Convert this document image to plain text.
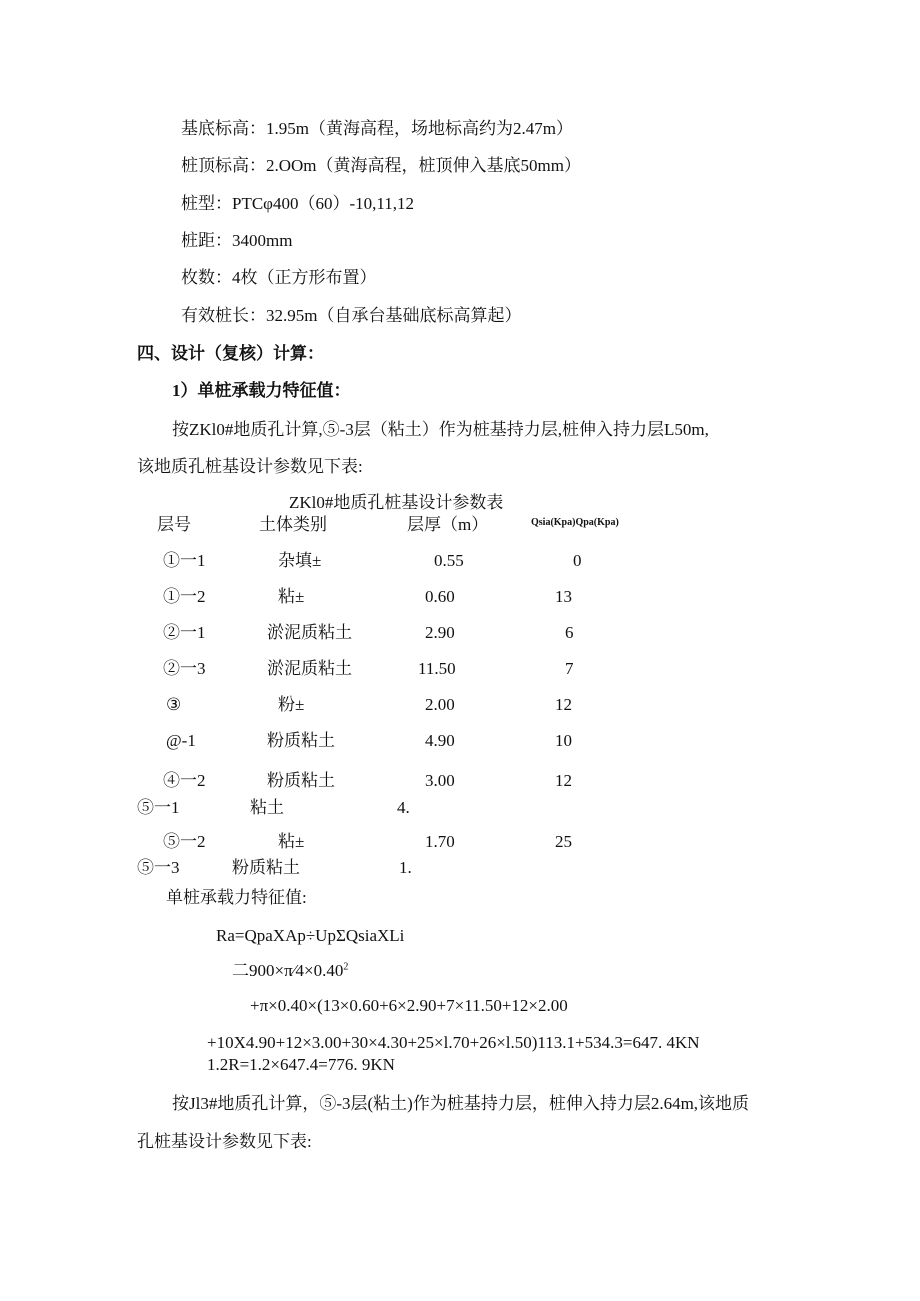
基底标高：1.95m（黄海高程，场地标高约为2.47m）
桩顶标高：2.OOm（黄海高程，桩顶伸入基底50mm）
桩型：PTCφ400（60）-10,11,12
桩距：3400mm
枚数：4枚（正方形布置）
有效桩长：32.95m（自承台基础底标高算起）
四、设计（复核）计算：
1）单桩承载力特征值：
按ZKl0#地质孔计算,⑤-3层（粘土）作为桩基持力层,桩伸入持力层L50m,
该地质孔桩基设计参数见下表:
ZKl0#地质孔桩基设计参数表
层号	土体类别	层厚（m）	Qsia(Kpa)Qpa(Kpa)
①一1	杂填±	0.55	0
①一2	粘±	0.60	13
②一1	淤泥质粘土	2.90	6
②一3	淤泥质粘土	11.50	7
③	粉±	2.00	12
@-1	粉质粘土	4.90	10
④一2	粉质粘土	3.00	12
⑤一1	粘土	4.
⑤一2	粘±	1.70	25
⑤一3	粉质粘土	1.
单桩承载力特征值:
Ra=QpaXAp÷UpΣQsiaXLi
二$900\times\pi⁄4\times 0.40^2$
+π×0.40×(13×0.60+6×2.90+7×11.50+12×2.00
+10X4.90+12×3.00+30×4.30+25×l.70+26×l.50)113.1+534.3=647. 4KN
1.2R=1.2×647.4=776. 9KN
按Jl3#地质孔计算，⑤-3层(粘土)作为桩基持力层，桩伸入持力层2.64m,该地质
孔桩基设计参数见下表:
